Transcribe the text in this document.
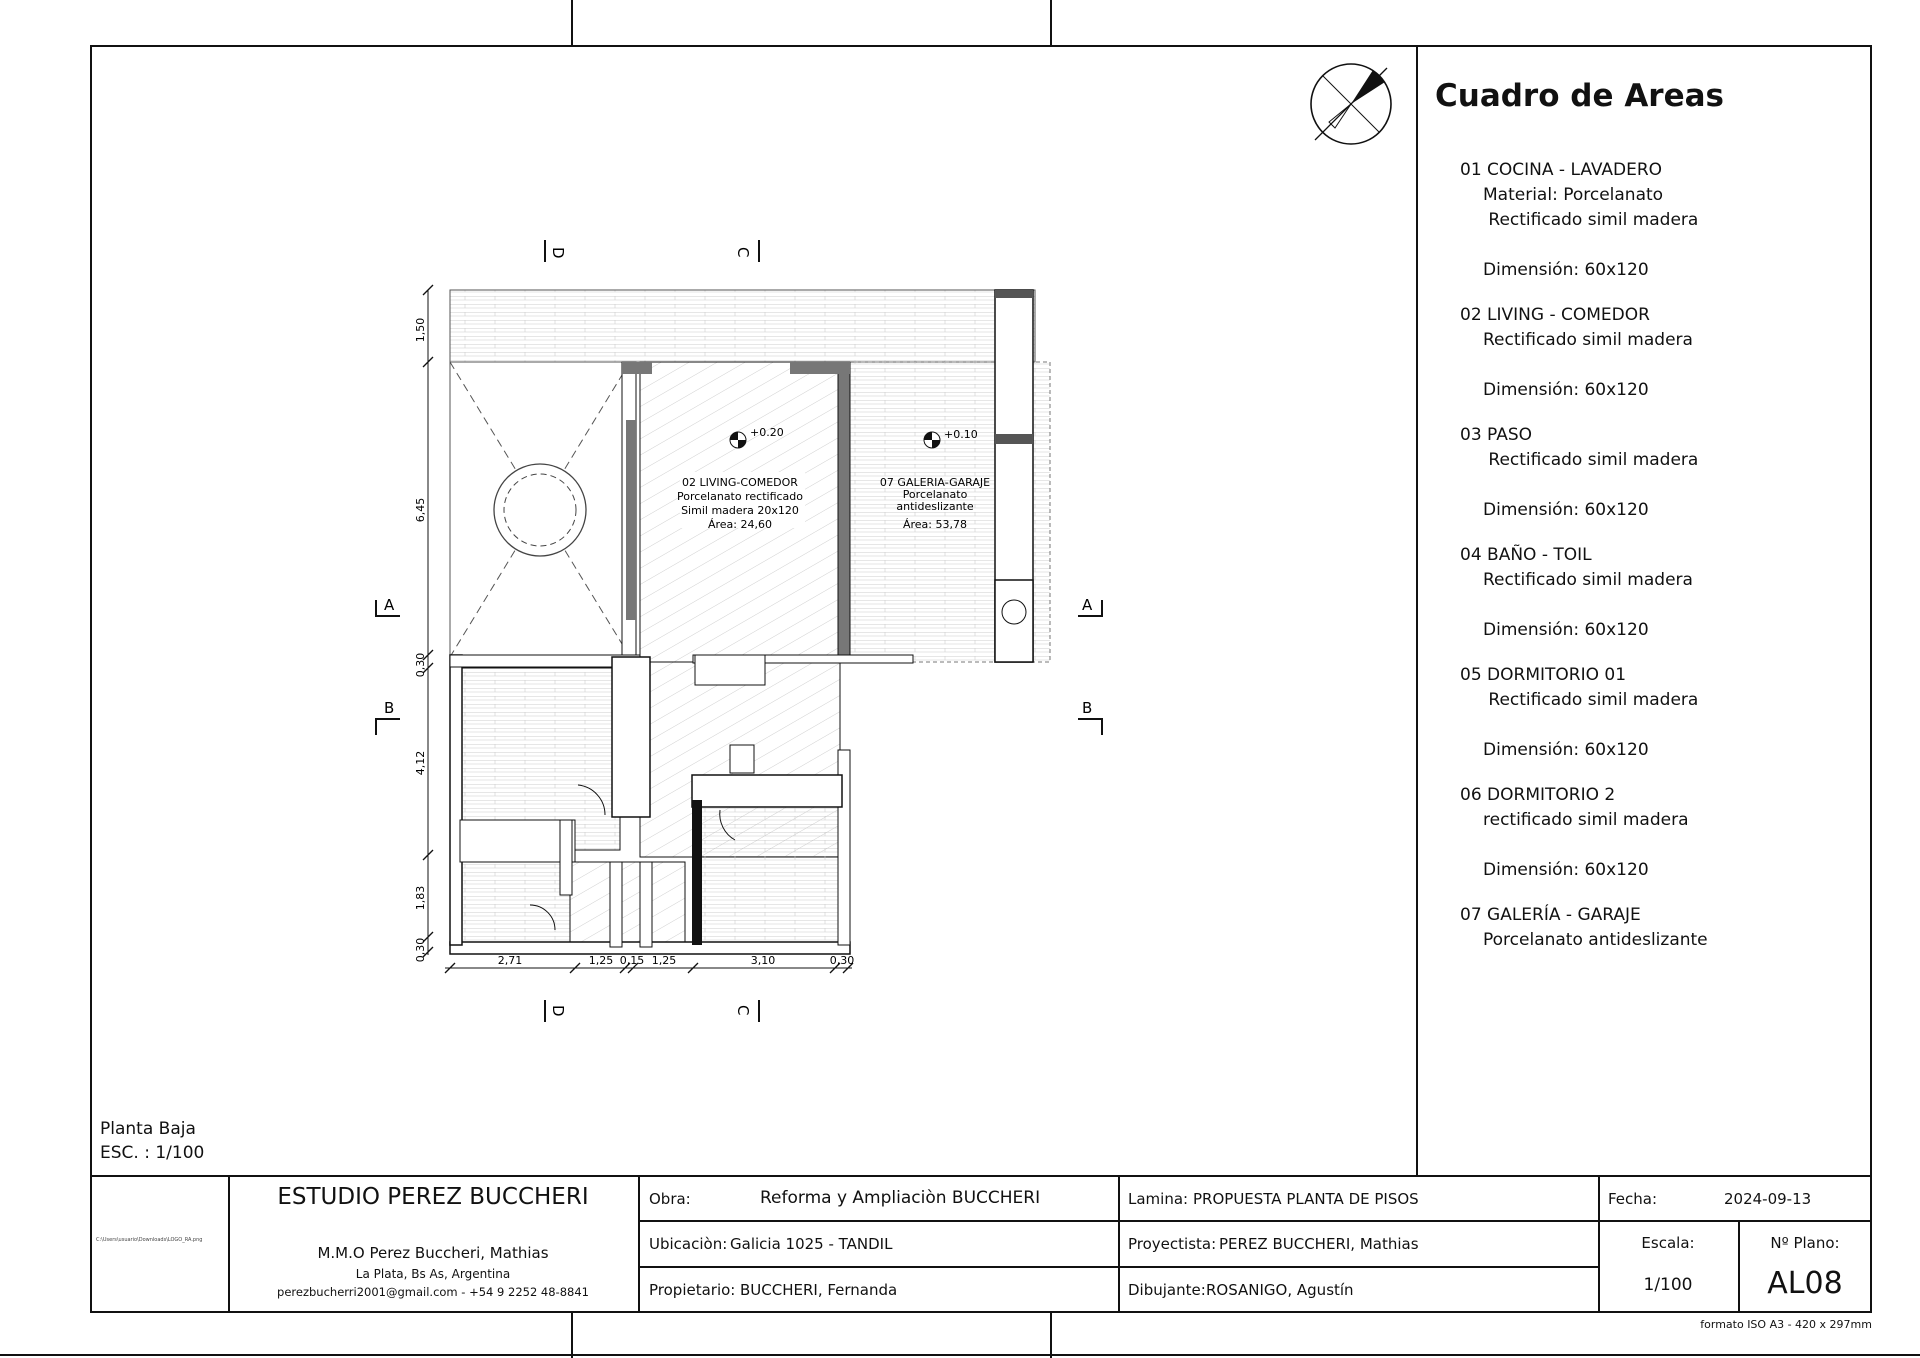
Cuadro de Areas
01 COCINA - LAVADERO
Material: Porcelanato
Rectificado simil madera
Dimensión: 60x120
02 LIVING - COMEDOR
Rectificado simil madera
Dimensión: 60x120
03 PASO
Rectificado simil madera
Dimensión: 60x120
04 BAÑO - TOIL
Rectificado simil madera
Dimensión: 60x120
05 DORMITORIO 01
Rectificado simil madera
Dimensión: 60x120
06 DORMITORIO 2
rectificado simil madera
Dimensión: 60x120
07 GALERÍA - GARAJE
Porcelanato antideslizante
+0.20	+0.10
02 LIVING-COMEDOR
Porcelanato rectificado
Simil madera 20x120
Área: 24,60
07 GALERIA-GARAJE
Porcelanato
antideslizante
Área: 53,78
1,50
6,45
0,30
4,12
1,83
0,30	2,71	1,25 0,15 1,25	3,10	0,30
A	A
B	B
D	C
D	C
Planta Baja
ESC. : 1/100
C:\Users\usuario\Downloads\LOGO_RA.png
ESTUDIO PEREZ BUCCHERI
M.M.O Perez Buccheri, Mathias
La Plata, Bs As, Argentina
perezbucherri2001@gmail.com - +54 9 2252 48-8841
Obra:	Reforma y Ampliaciòn BUCCHERI
Ubicaciòn: Galicia 1025 - TANDIL
Propietario: BUCCHERI, Fernanda
Lamina: PROPUESTA PLANTA DE PISOS
Proyectista: PEREZ BUCCHERI, Mathias
Dibujante: ROSANIGO, Agustín
Fecha:	2024-09-13
Escala:
1/100
Nº Plano:
AL08
formato ISO A3 - 420 x 297mm
